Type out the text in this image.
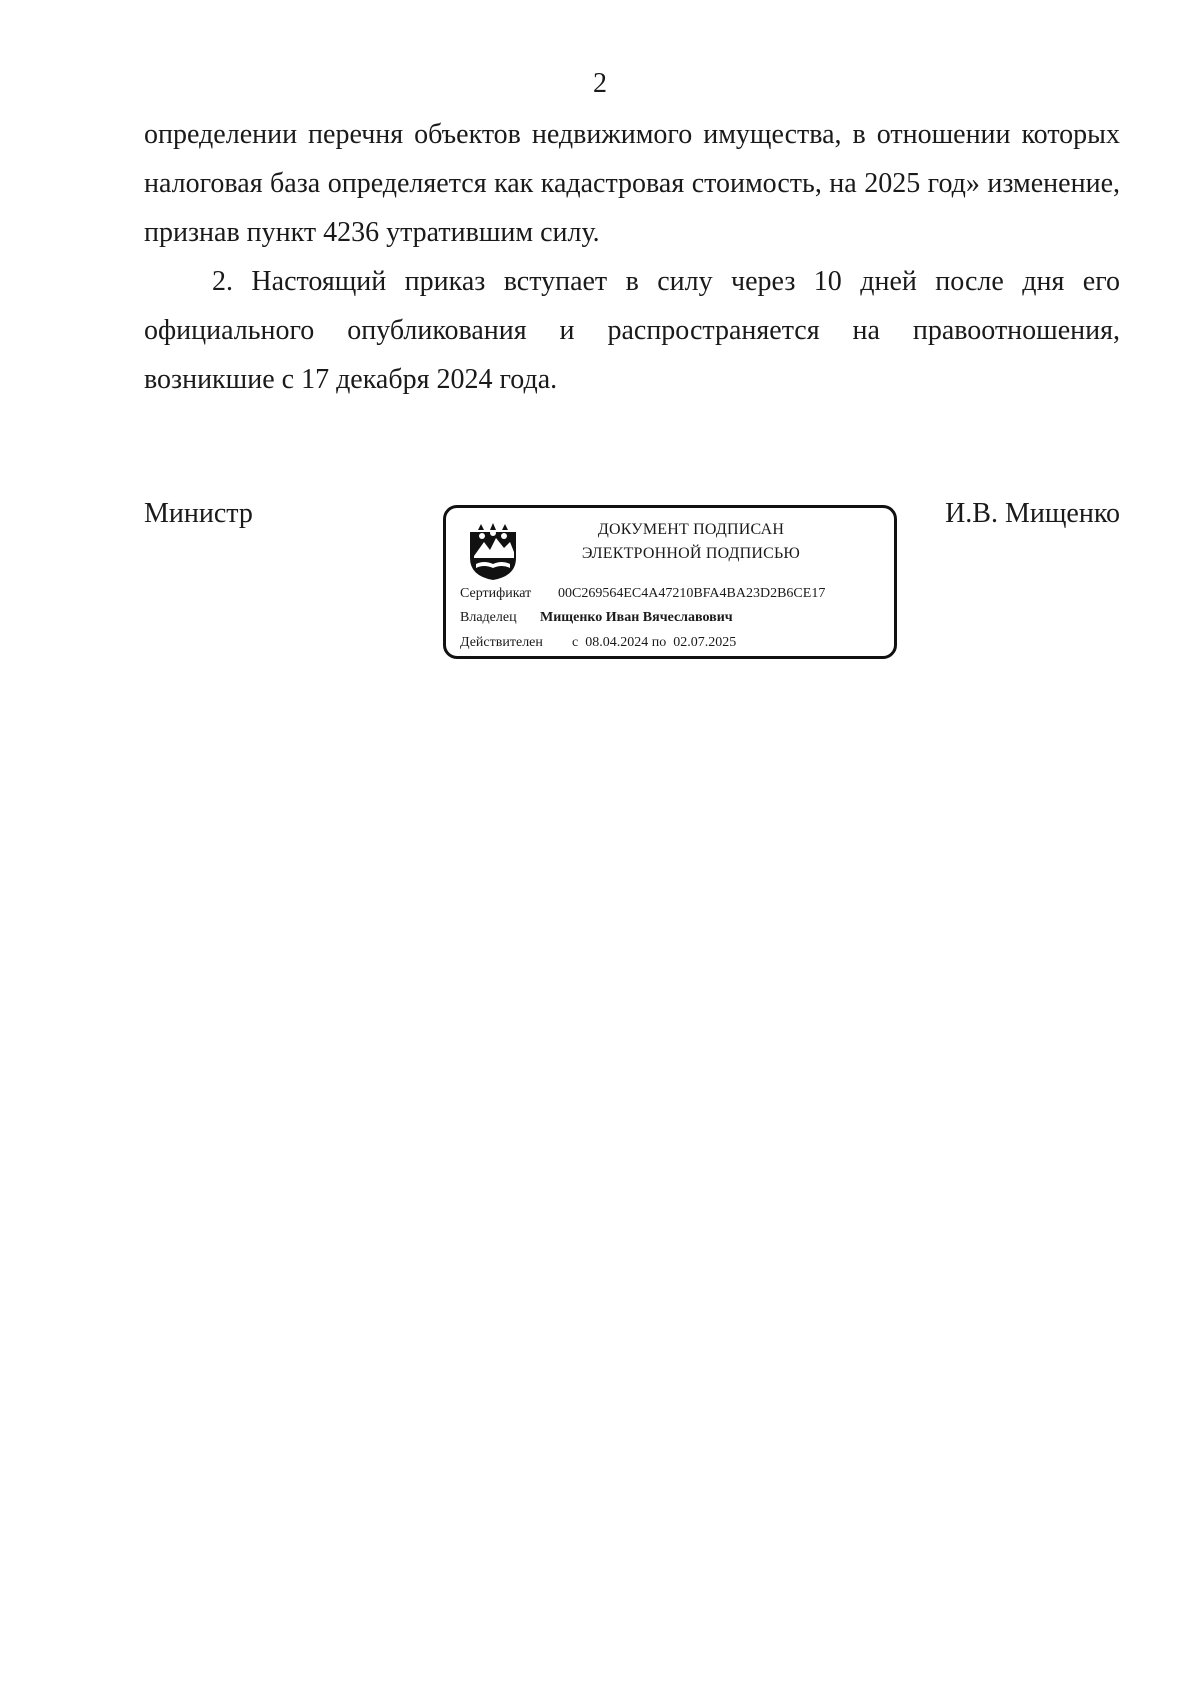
2
определении перечня объектов недвижимого имущества, в отношении которых
налоговая база определяется как кадастровая стоимость, на 2025 год» изменение,
признав пункт 4236 утратившим силу.
2. Настоящий приказ вступает в силу через 10 дней после дня его
официального опубликования и распространяется на правоотношения,
возникшие с 17 декабря 2024 года.
Министр	И.В. Мищенко
ДОКУМЕНТ ПОДПИСАН
ЭЛЕКТРОННОЙ ПОДПИСЬЮ
Сертификат 00C269564EC4A47210BFA4BA23D2B6CE17
Владелец Мищенко Иван Вячеславович
Действителен с  08.04.2024 по  02.07.2025
